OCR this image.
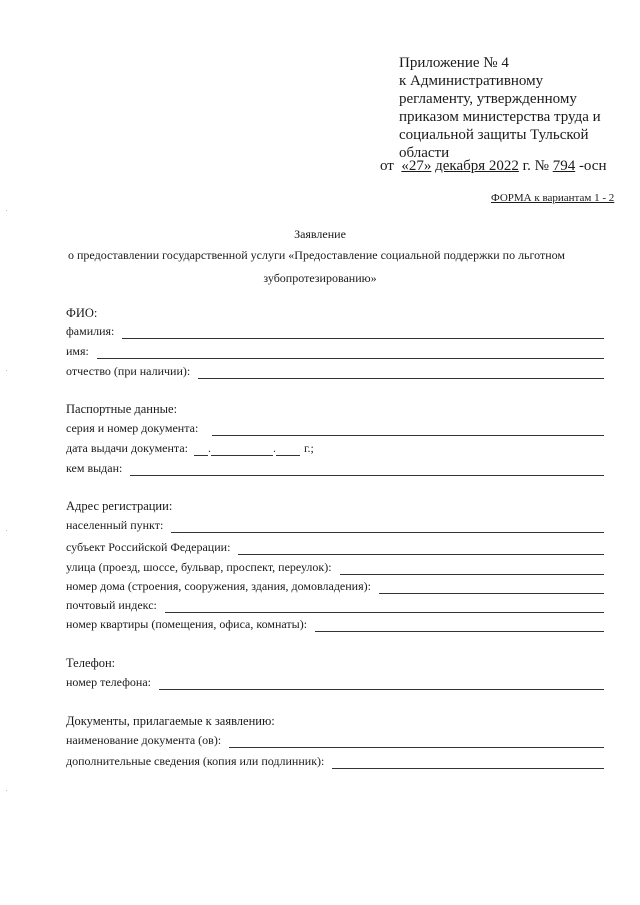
Приложение № 4
к Административному
регламенту, утвержденному
приказом министерства труда и
социальной защиты Тульской
области
от «27» декабря 2022 г. № 794 -осн
ФОРМА к вариантам 1 - 2
Заявление
о предоставлении государственной услуги «Предоставление социальной поддержки по льготном
зубопротезированию»
ФИО:
фамилия:
имя:
отчество (при наличии):
Паспортные данные:
серия и номер документа:
дата выдачи документа: .	. г.;
кем выдан:
Адрес регистрации:
населенный пункт:
субъект Российской Федерации:
улица (проезд, шоссе, бульвар, проспект, переулок):
номер дома (строения, сооружения, здания, домовладения):
почтовый индекс:
номер квартиры (помещения, офиса, комнаты):
Телефон:
номер телефона:
Документы, прилагаемые к заявлению:
наименование документа (ов):
дополнительные сведения (копия или подлинник):
